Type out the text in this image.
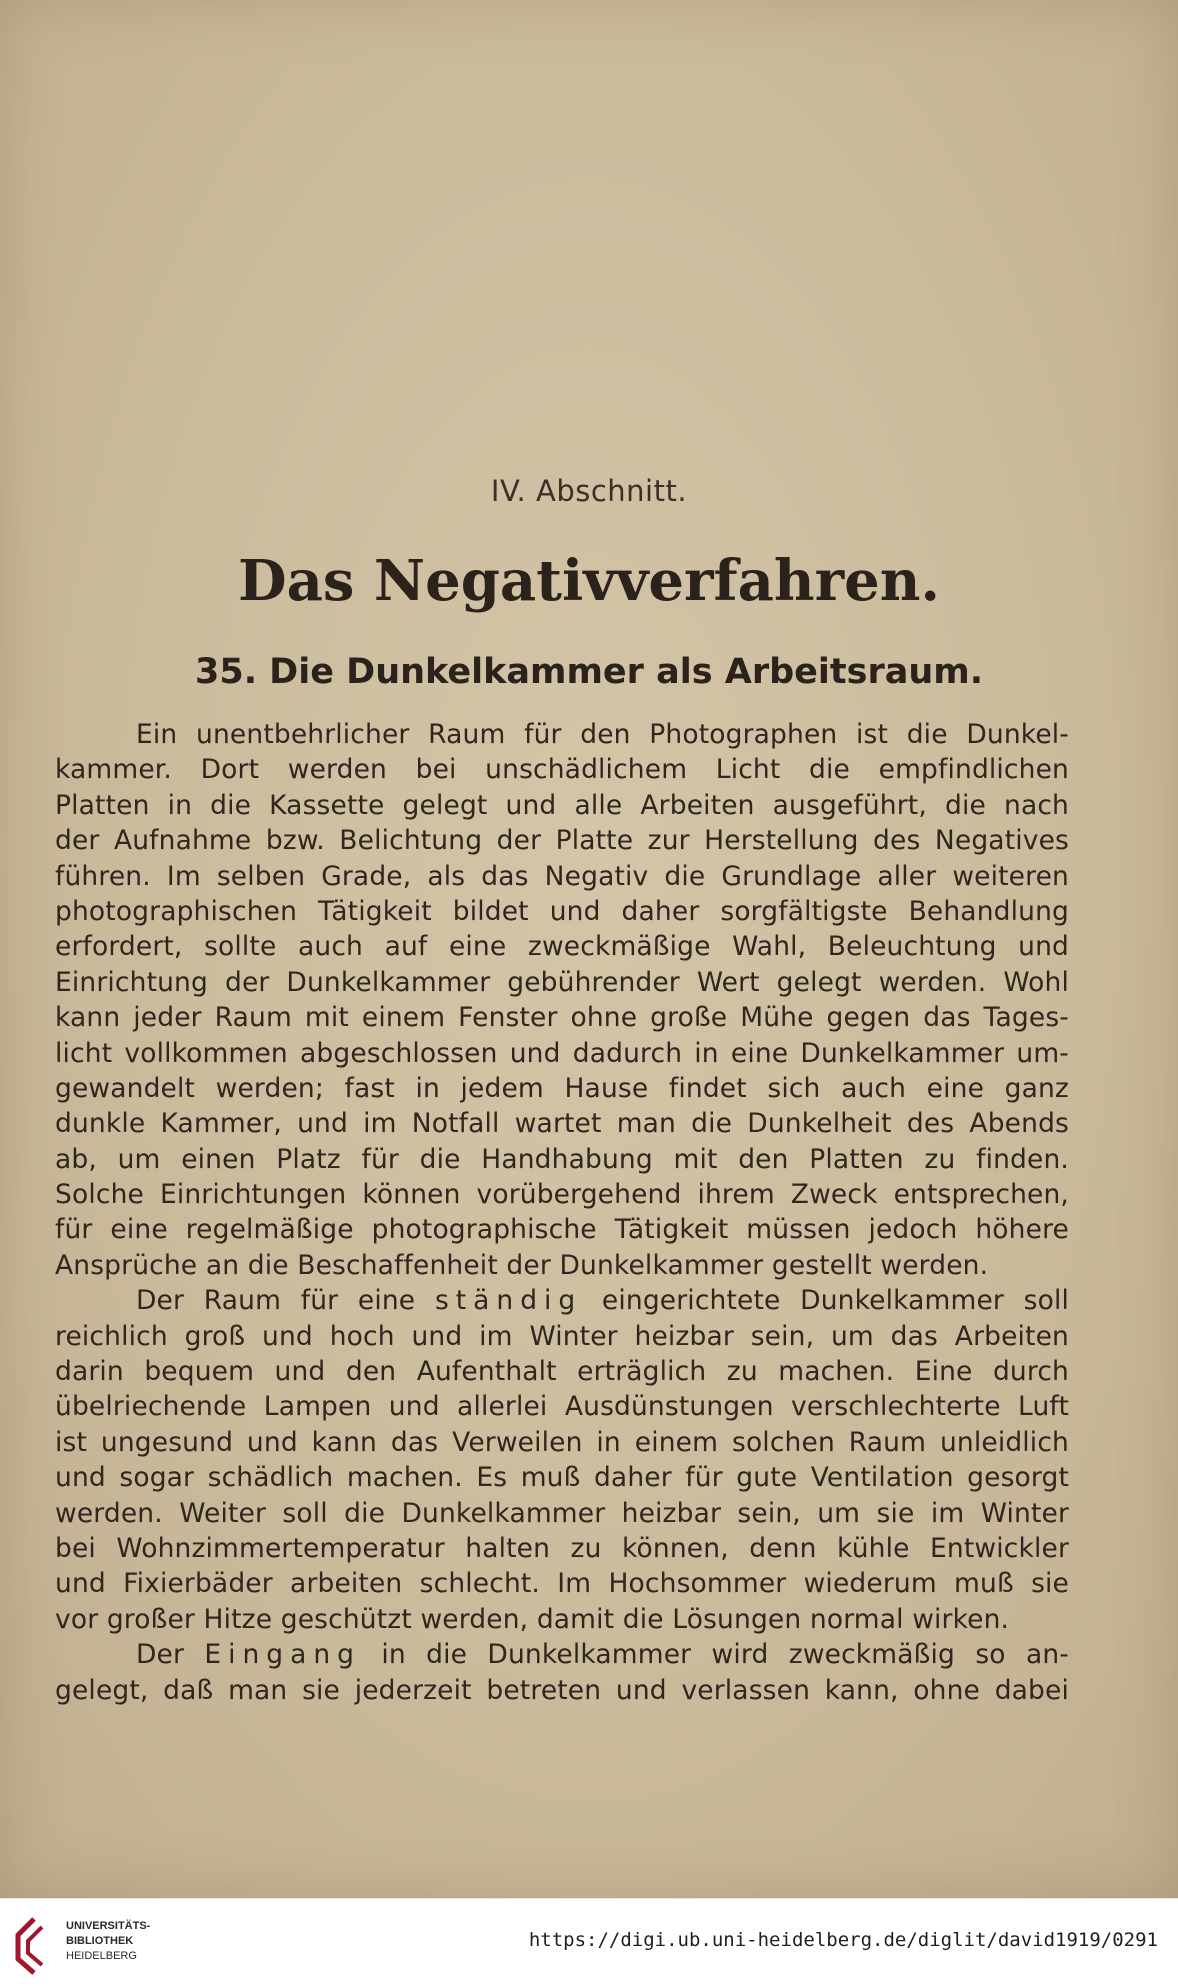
IV. Abschnitt.
Das Negativverfahren.
35. Die Dunkelkammer als Arbeitsraum.
Ein unentbehrlicher Raum für den Photographen ist die Dunkel-
kammer. Dort werden bei unschädlichem Licht die empfindlichen
Platten in die Kassette gelegt und alle Arbeiten ausgeführt, die nach
der Aufnahme bzw. Belichtung der Platte zur Herstellung des Negatives
führen. Im selben Grade, als das Negativ die Grundlage aller weiteren
photographischen Tätigkeit bildet und daher sorgfältigste Behandlung
erfordert, sollte auch auf eine zweckmäßige Wahl, Beleuchtung und
Einrichtung der Dunkelkammer gebührender Wert gelegt werden. Wohl
kann jeder Raum mit einem Fenster ohne große Mühe gegen das Tages-
licht vollkommen abgeschlossen und dadurch in eine Dunkelkammer um-
gewandelt werden; fast in jedem Hause findet sich auch eine ganz
dunkle Kammer, und im Notfall wartet man die Dunkelheit des Abends
ab, um einen Platz für die Handhabung mit den Platten zu finden.
Solche Einrichtungen können vorübergehend ihrem Zweck entsprechen,
für eine regelmäßige photographische Tätigkeit müssen jedoch höhere
Ansprüche an die Beschaffenheit der Dunkelkammer gestellt werden.
Der Raum für eine ständig eingerichtete Dunkelkammer soll
reichlich groß und hoch und im Winter heizbar sein, um das Arbeiten
darin bequem und den Aufenthalt erträglich zu machen. Eine durch
übelriechende Lampen und allerlei Ausdünstungen verschlechterte Luft
ist ungesund und kann das Verweilen in einem solchen Raum unleidlich
und sogar schädlich machen. Es muß daher für gute Ventilation gesorgt
werden. Weiter soll die Dunkelkammer heizbar sein, um sie im Winter
bei Wohnzimmertemperatur halten zu können, denn kühle Entwickler
und Fixierbäder arbeiten schlecht. Im Hochsommer wiederum muß sie
vor großer Hitze geschützt werden, damit die Lösungen normal wirken.
Der Eingang in die Dunkelkammer wird zweckmäßig so an-
gelegt, daß man sie jederzeit betreten und verlassen kann, ohne dabei
UNIVERSITÄTS-
BIBLIOTHEK
HEIDELBERG
https://digi.ub.uni-heidelberg.de/diglit/david1919/0291
